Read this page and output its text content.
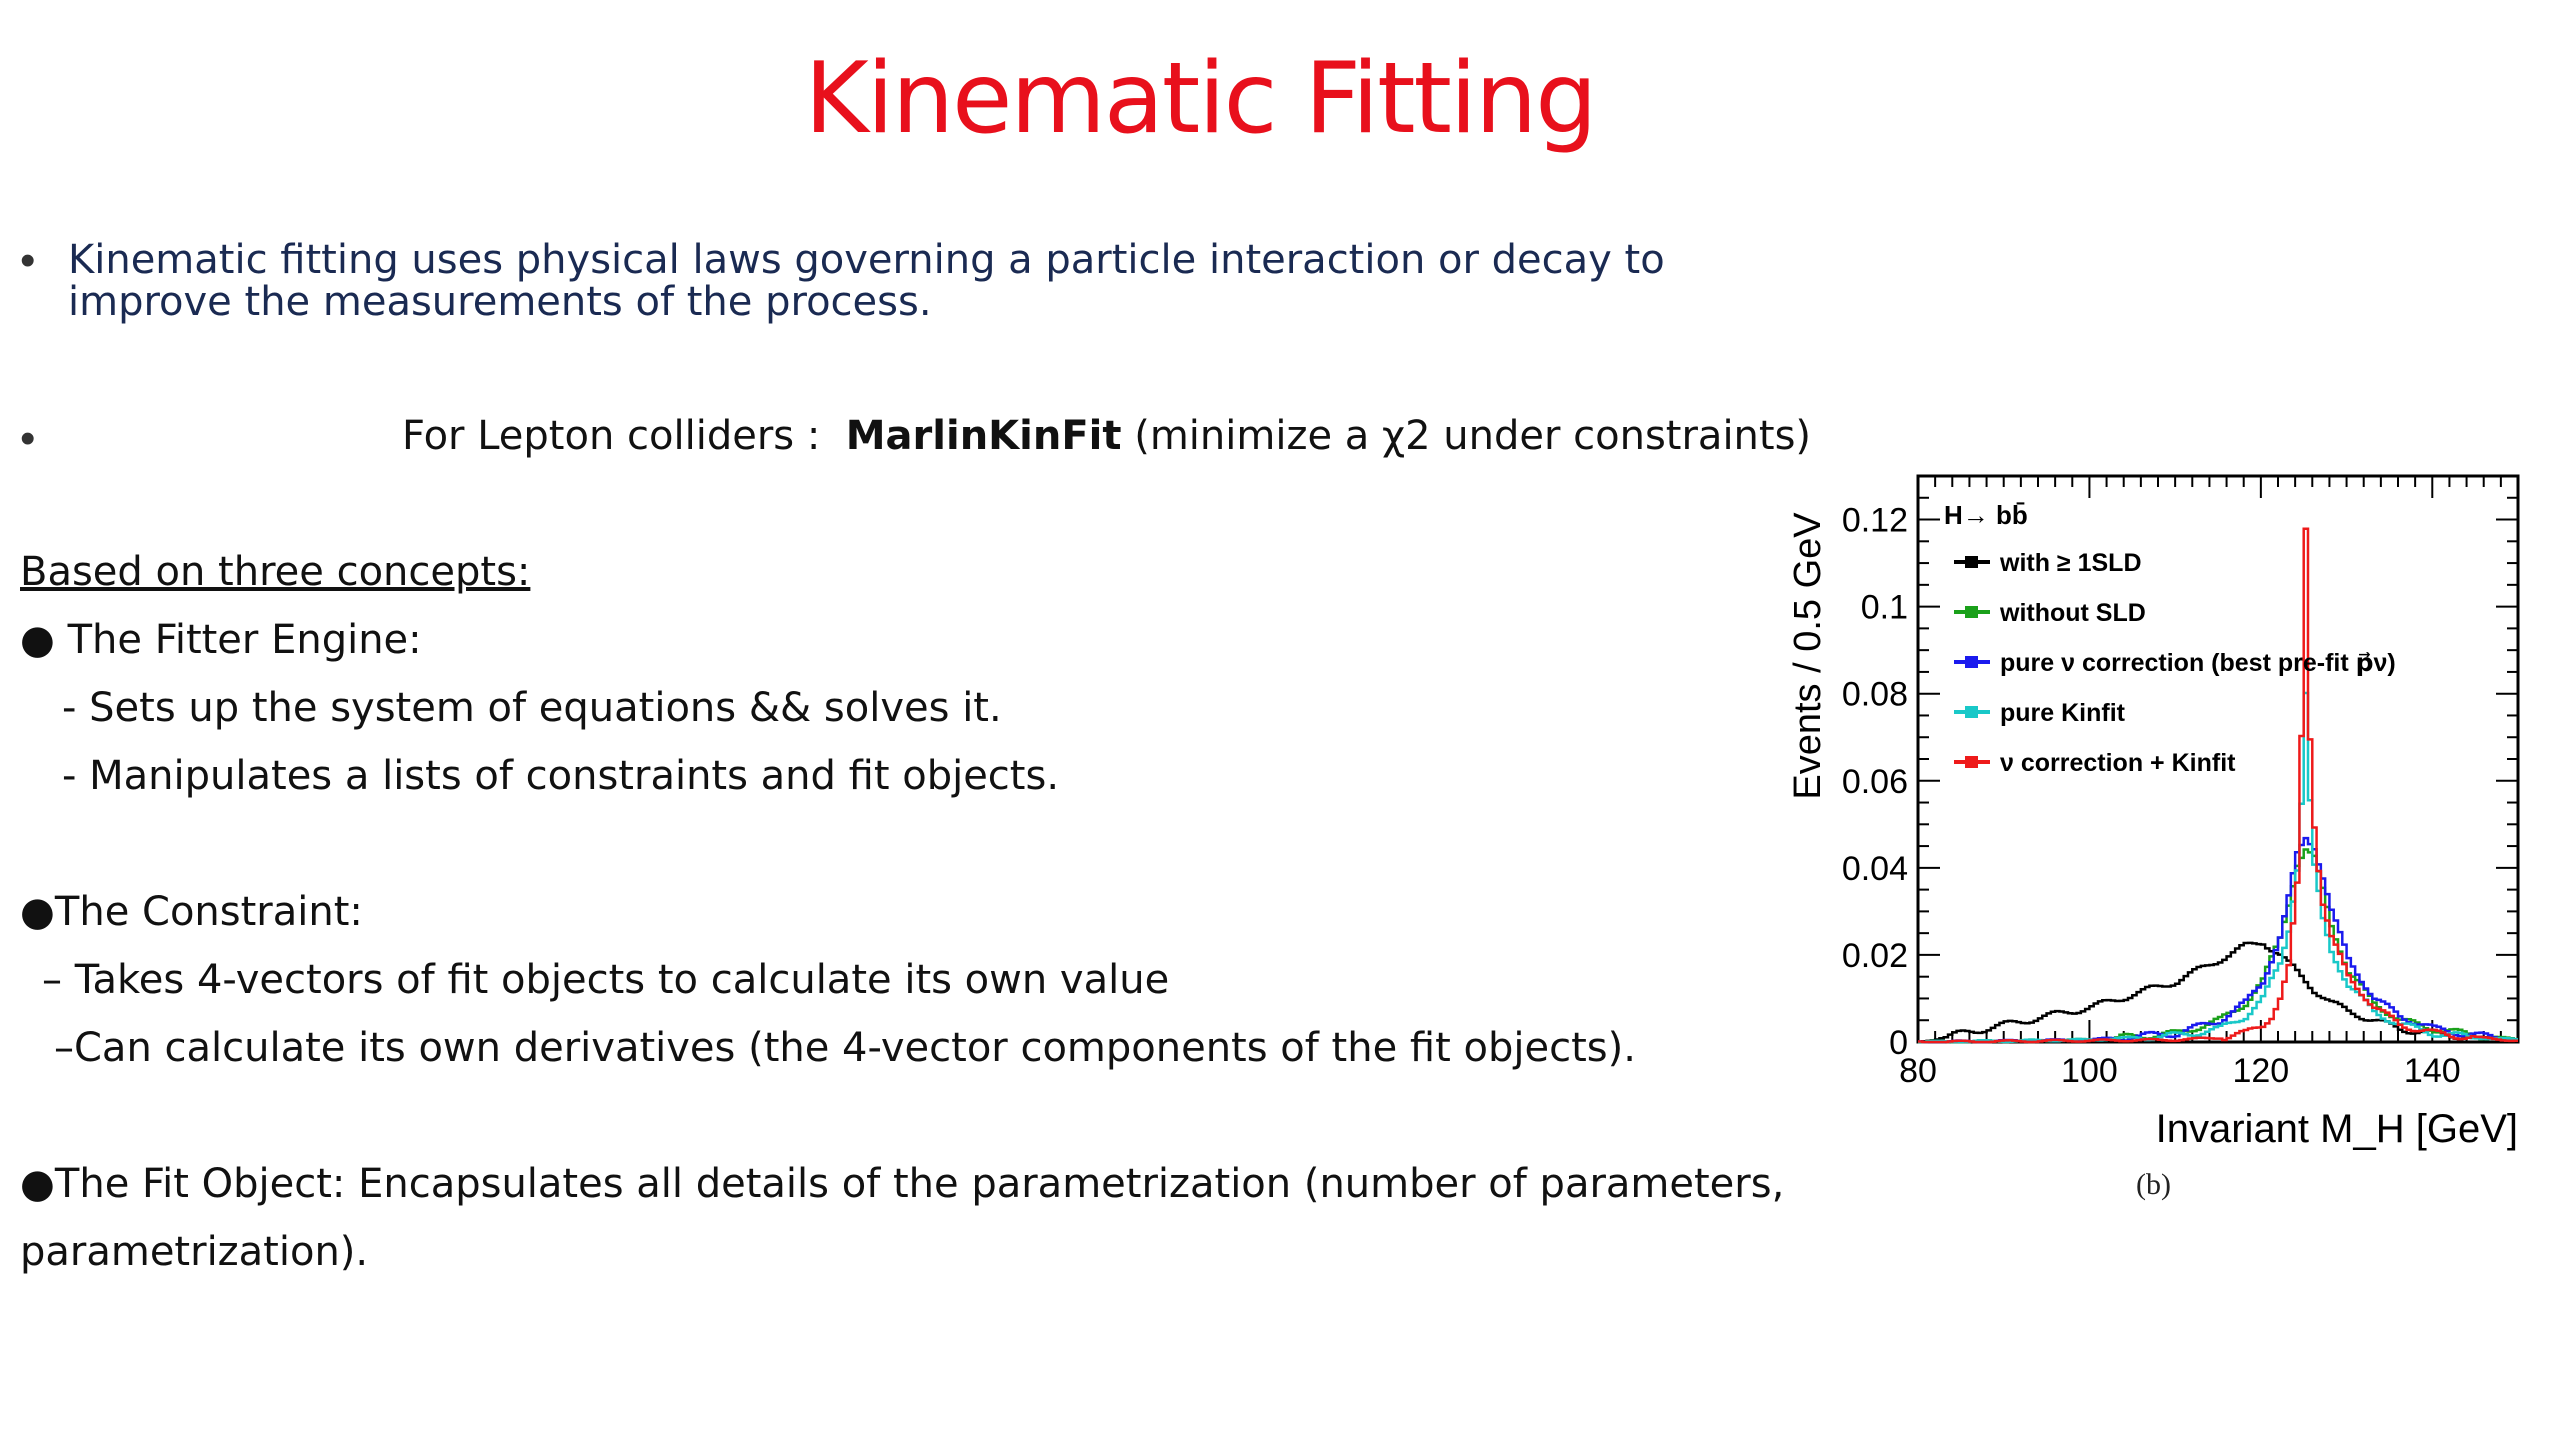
Kinematic Fitting
• Kinematic fitting uses physical laws governing a particle interaction or decay to
improve the measurements of the process.
•	For Lepton colliders : MarlinKinFit (minimize a χ2 under constraints)
Based on three concepts:
● The Fitter Engine:
- Sets up the system of equations && solves it.
- Manipulates a lists of constraints and fit objects.
●The Constraint:
– Takes 4-vectors of fit objects to calculate its own value
–Can calculate its own derivatives (the 4-vector components of the fit objects).
●The Fit Object: Encapsulates all details of the parametrization (number of parameters,
parametrization).
80	100	120	140
0
0.02
0.04
0.06
0.08
0.1
0.12
Events / 0.5 GeV
Invariant M_H [GeV]
H→ bb̄
with ≥ 1SLD
without SLD
pure ν correction (best pre-fit p⃗ν)
pure Kinfit
ν correction + Kinfit
(b)
